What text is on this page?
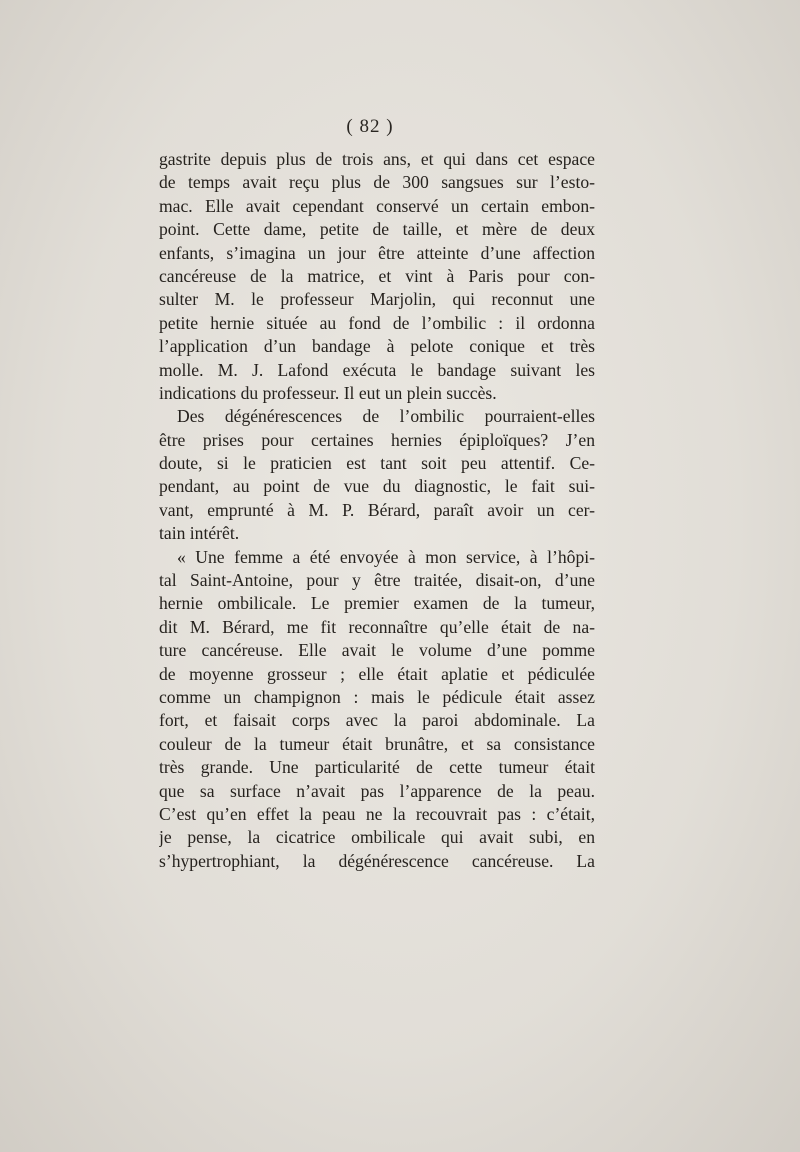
( 82 )
gastrite depuis plus de trois ans, et qui dans cet espace
de temps avait reçu plus de 300 sangsues sur l’esto-
mac. Elle avait cependant conservé un certain embon-
point. Cette dame, petite de taille, et mère de deux
enfants, s’imagina un jour être atteinte d’une affection
cancéreuse de la matrice, et vint à Paris pour con-
sulter M. le professeur Marjolin, qui reconnut une
petite hernie située au fond de l’ombilic : il ordonna
l’application d’un bandage à pelote conique et très
molle. M. J. Lafond exécuta le bandage suivant les
indications du professeur. Il eut un plein succès.
Des dégénérescences de l’ombilic pourraient-elles
être prises pour certaines hernies épiploïques? J’en
doute, si le praticien est tant soit peu attentif. Ce-
pendant, au point de vue du diagnostic, le fait sui-
vant, emprunté à M. P. Bérard, paraît avoir un cer-
tain intérêt.
« Une femme a été envoyée à mon service, à l’hôpi-
tal Saint-Antoine, pour y être traitée, disait-on, d’une
hernie ombilicale. Le premier examen de la tumeur,
dit M. Bérard, me fit reconnaître qu’elle était de na-
ture cancéreuse. Elle avait le volume d’une pomme
de moyenne grosseur ; elle était aplatie et pédiculée
comme un champignon : mais le pédicule était assez
fort, et faisait corps avec la paroi abdominale. La
couleur de la tumeur était brunâtre, et sa consistance
très grande. Une particularité de cette tumeur était
que sa surface n’avait pas l’apparence de la peau.
C’est qu’en effet la peau ne la recouvrait pas : c’était,
je pense, la cicatrice ombilicale qui avait subi, en
s’hypertrophiant, la dégénérescence cancéreuse. La
